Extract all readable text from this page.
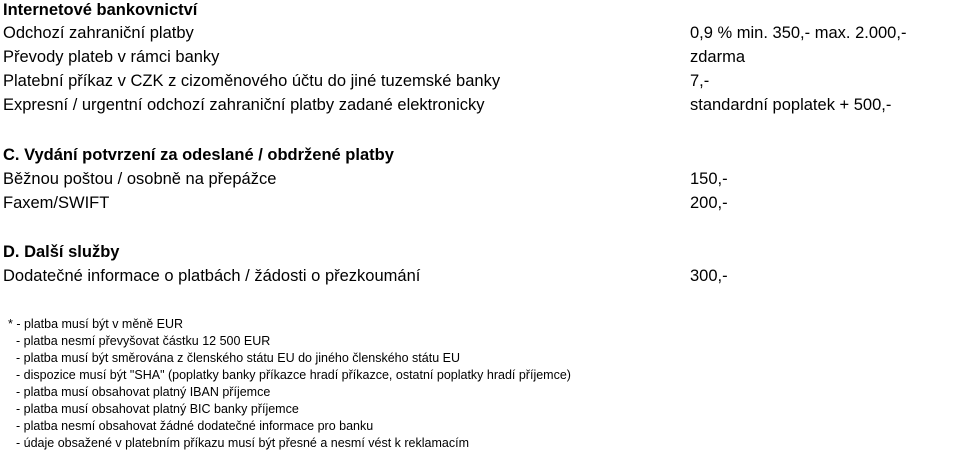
Internetové bankovnictví
Odchozí zahraniční platby	0,9 % min. 350,- max. 2.000,-
Převody plateb v rámci banky	zdarma
Platební příkaz v CZK z cizoměnového účtu do jiné tuzemské banky	7,-
Expresní / urgentní odchozí zahraniční platby zadané elektronicky	standardní poplatek + 500,-
C. Vydání potvrzení za odeslané / obdržené platby
Běžnou poštou / osobně na přepážce	150,-
Faxem/SWIFT	200,-
D. Další služby
Dodatečné informace o platbách / žádosti o přezkoumání	300,-
* - platba musí být v měně EUR
- platba nesmí převyšovat částku 12 500 EUR
- platba musí být směrována z členského státu EU do jiného členského státu EU
- dispozice musí být "SHA" (poplatky banky příkazce hradí příkazce, ostatní poplatky hradí příjemce)
- platba musí obsahovat platný IBAN příjemce
- platba musí obsahovat platný BIC banky příjemce
- platba nesmí obsahovat žádné dodatečné informace pro banku
- údaje obsažené v platebním příkazu musí být přesné a nesmí vést k reklamacím
